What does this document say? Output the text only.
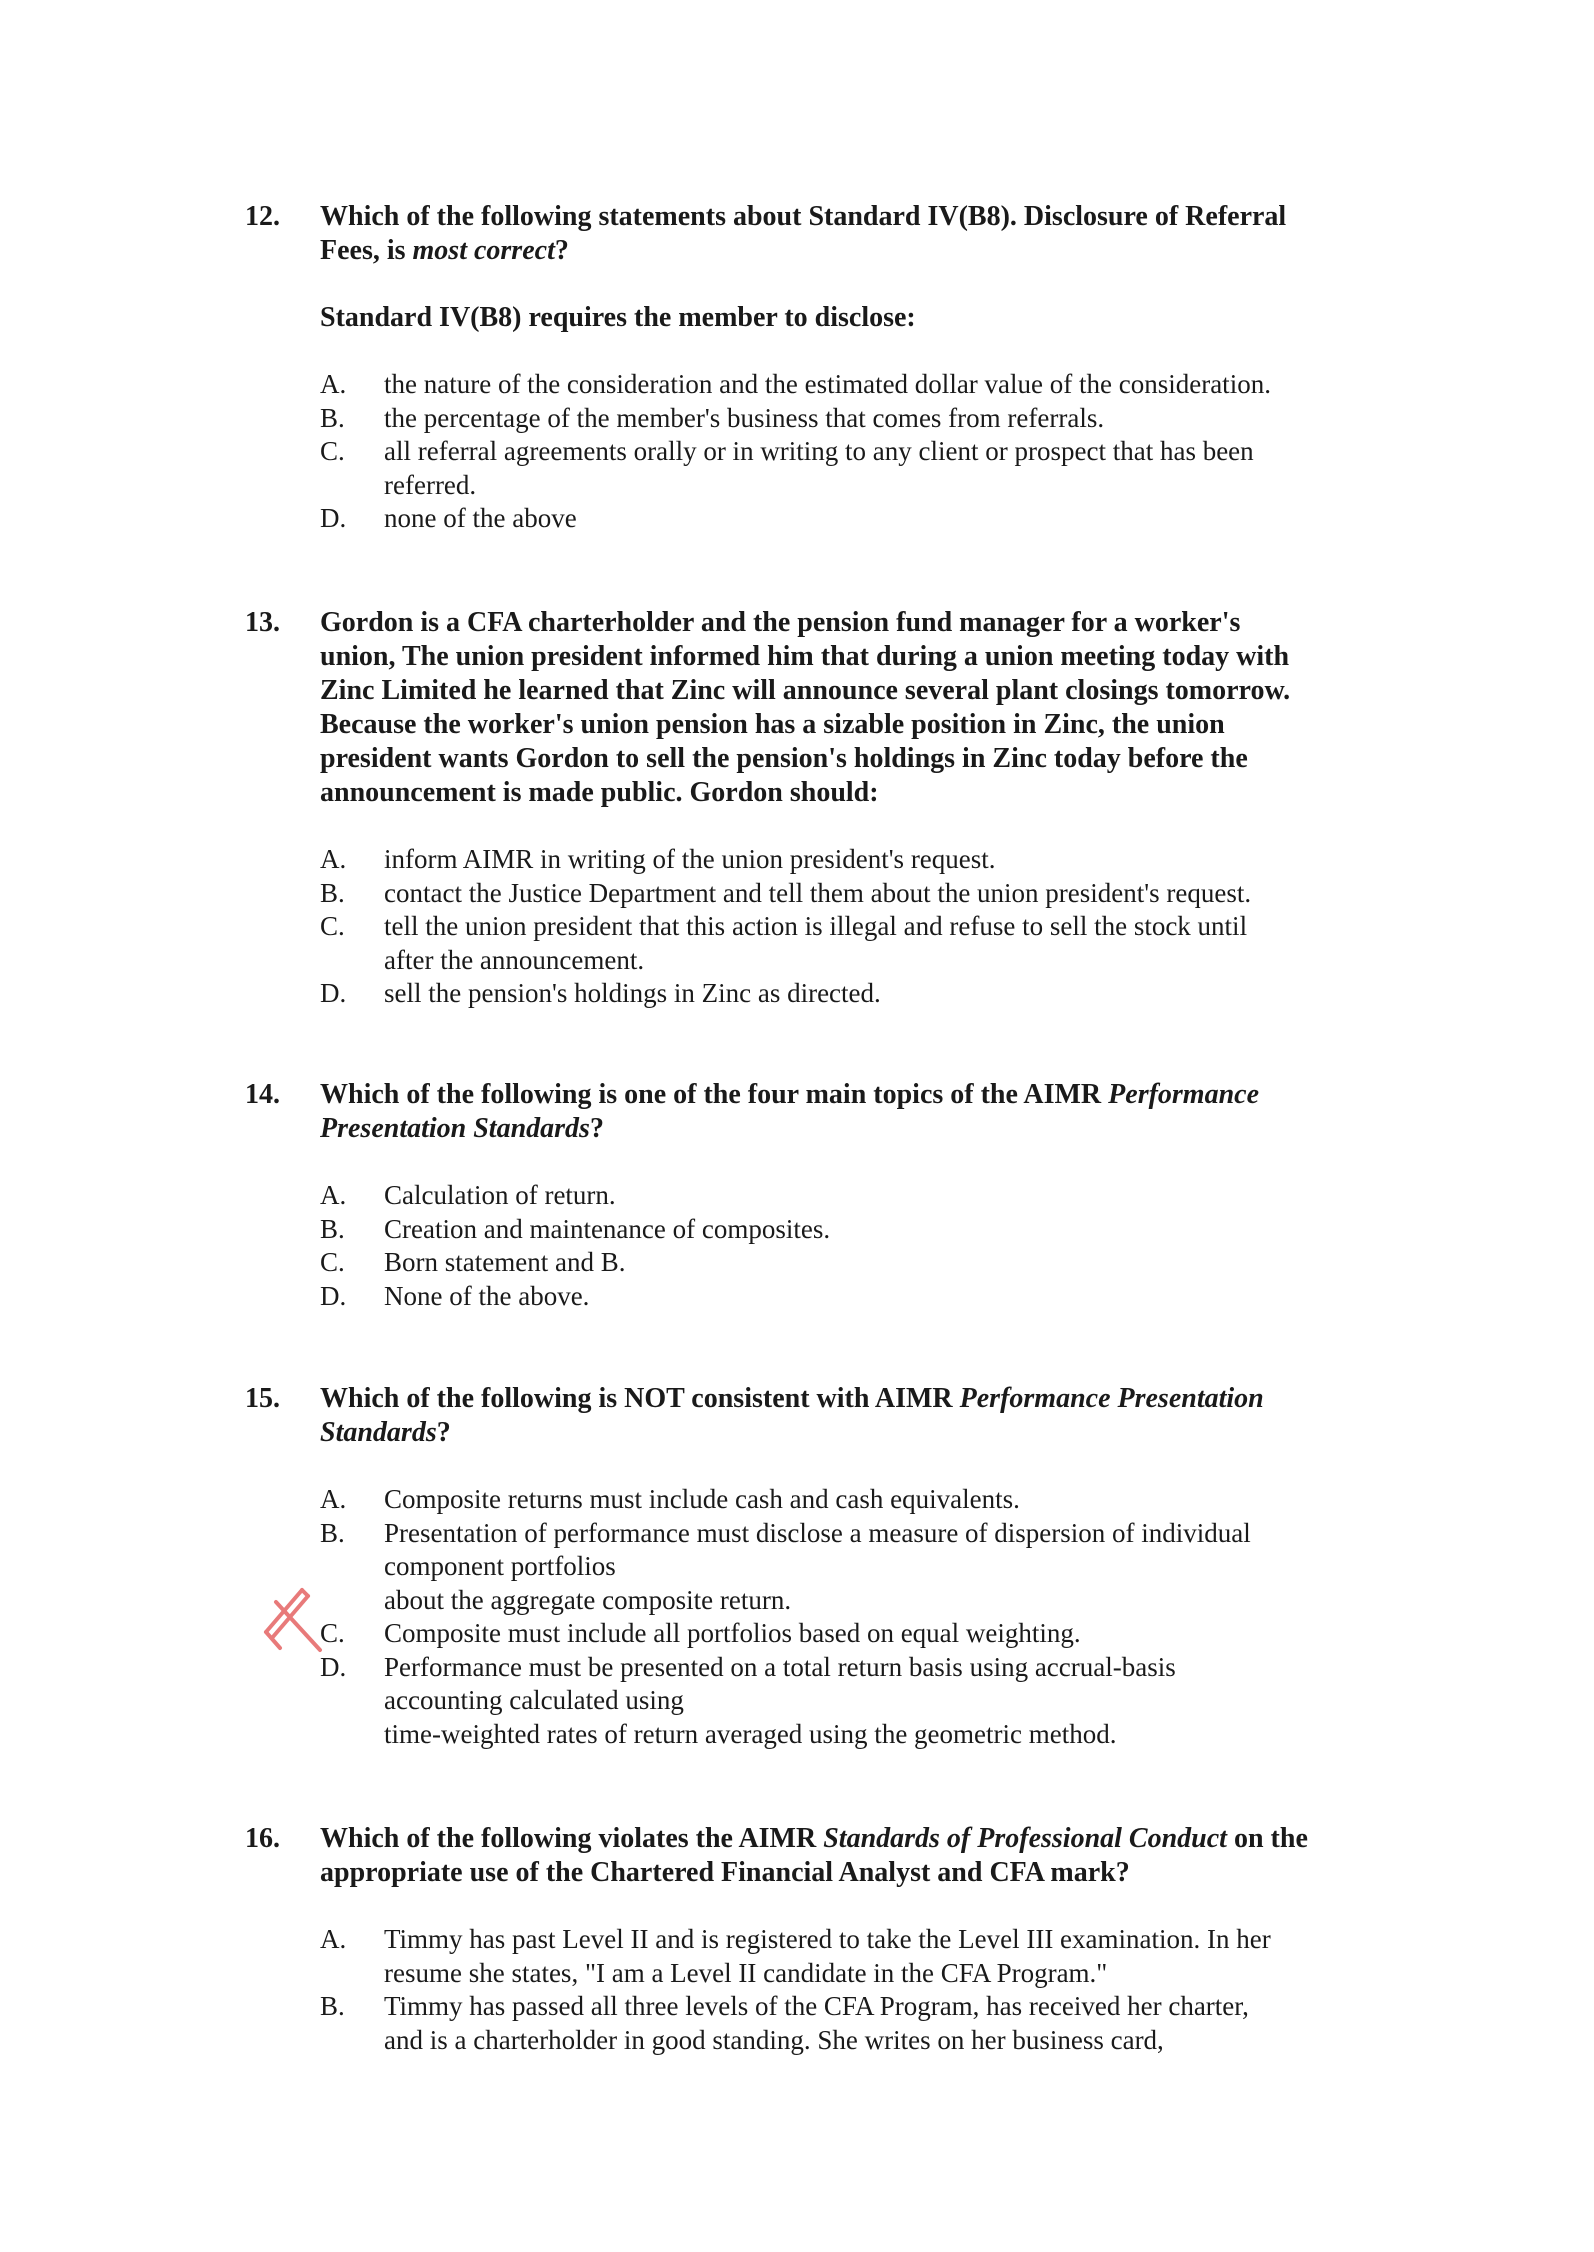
12. Which of the following statements about Standard IV(B8). Disclosure of Referral
Fees, is most correct?
Standard IV(B8) requires the member to disclose:
A. the nature of the consideration and the estimated dollar value of the consideration.
B. the percentage of the member's business that comes from referrals.
C. all referral agreements orally or in writing to any client or prospect that has been
referred.
D. none of the above
13. Gordon is a CFA charterholder and the pension fund manager for a worker's
union, The union president informed him that during a union meeting today with
Zinc Limited he learned that Zinc will announce several plant closings tomorrow.
Because the worker's union pension has a sizable position in Zinc, the union
president wants Gordon to sell the pension's holdings in Zinc today before the
announcement is made public. Gordon should:
A. inform AIMR in writing of the union president's request.
B. contact the Justice Department and tell them about the union president's request.
C. tell the union president that this action is illegal and refuse to sell the stock until
after the announcement.
D. sell the pension's holdings in Zinc as directed.
14. Which of the following is one of the four main topics of the AIMR Performance
Presentation Standards?
A. Calculation of return.
B. Creation and maintenance of composites.
C. Born statement and B.
D. None of the above.
15. Which of the following is NOT consistent with AIMR Performance Presentation
Standards?
A. Composite returns must include cash and cash equivalents.
B. Presentation of performance must disclose a measure of dispersion of individual
component portfolios
about the aggregate composite return.
C. Composite must include all portfolios based on equal weighting.
D. Performance must be presented on a total return basis using accrual-basis
accounting calculated using
time-weighted rates of return averaged using the geometric method.
16. Which of the following violates the AIMR Standards of Professional Conduct on the
appropriate use of the Chartered Financial Analyst and CFA mark?
A. Timmy has past Level II and is registered to take the Level III examination. In her
resume she states, "I am a Level II candidate in the CFA Program."
B. Timmy has passed all three levels of the CFA Program, has received her charter,
and is a charterholder in good standing. She writes on her business card,
